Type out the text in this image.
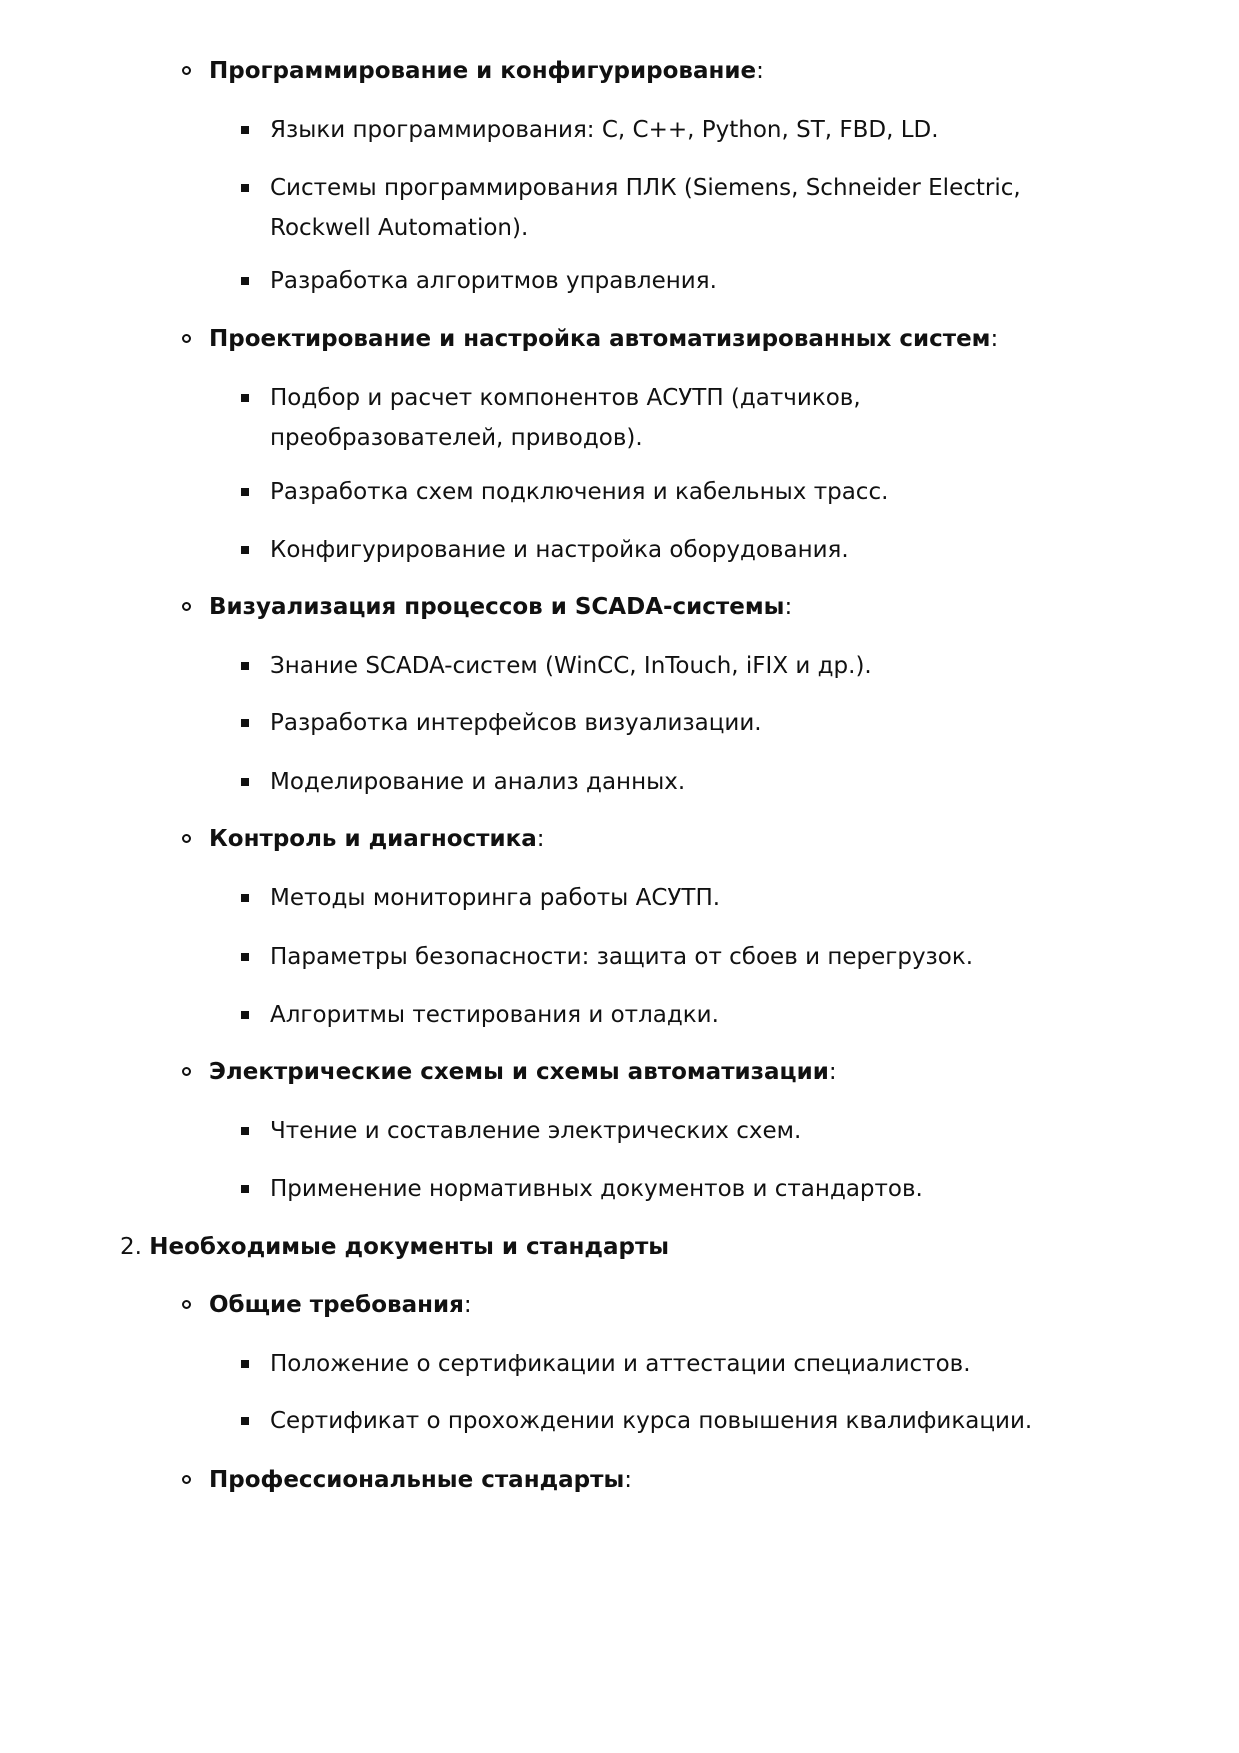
Программирование и конфигурирование:
Языки программирования: C, C++, Python, ST, FBD, LD.
Системы программирования ПЛК (Siemens, Schneider Electric, Rockwell Automation).
Разработка алгоритмов управления.
Проектирование и настройка автоматизированных систем:
Подбор и расчет компонентов АСУТП (датчиков, преобразователей, приводов).
Разработка схем подключения и кабельных трасс.
Конфигурирование и настройка оборудования.
Визуализация процессов и SCADA-системы:
Знание SCADA-систем (WinCC, InTouch, iFIX и др.).
Разработка интерфейсов визуализации.
Моделирование и анализ данных.
Контроль и диагностика:
Методы мониторинга работы АСУТП.
Параметры безопасности: защита от сбоев и перегрузок.
Алгоритмы тестирования и отладки.
Электрические схемы и схемы автоматизации:
Чтение и составление электрических схем.
Применение нормативных документов и стандартов.
2. Необходимые документы и стандарты
Общие требования:
Положение о сертификации и аттестации специалистов.
Сертификат о прохождении курса повышения квалификации.
Профессиональные стандарты:
